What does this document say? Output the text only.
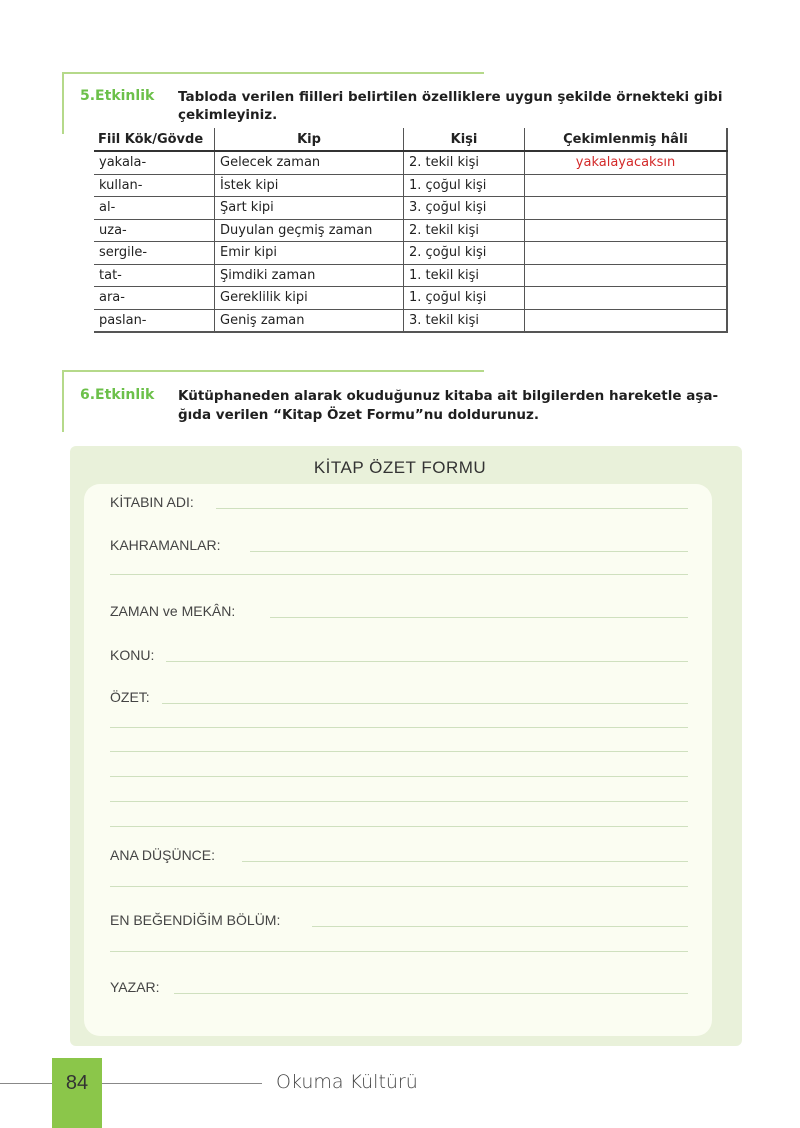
5.Etkinlik Tabloda verilen fiilleri belirtilen özelliklere uygun şekilde örnekteki gibi çekimleyiniz.
Fiil Kök/Gövde	Kip	Kişi	Çekimlenmiş hâli
yakala-	Gelecek zaman	2. tekil kişi	yakalayacaksın
kullan-	İstek kipi	1. çoğul kişi	
al-	Şart kipi	3. çoğul kişi	
uza-	Duyulan geçmiş zaman	2. tekil kişi	
sergile-	Emir kipi	2. çoğul kişi	
tat-	Şimdiki zaman	1. tekil kişi	
ara-	Gereklilik kipi	1. çoğul kişi	
paslan-	Geniş zaman	3. tekil kişi	
6.Etkinlik Kütüphaneden alarak okuduğunuz kitaba ait bilgilerden hareketle aşa-
ğıda verilen “Kitap Özet Formu”nu doldurunuz.
KİTAP ÖZET FORMU
KİTABIN ADI:
KAHRAMANLAR:
ZAMAN ve MEKÂN:
KONU:
ÖZET:
ANA DÜŞÜNCE:
EN BEĞENDİĞİM BÖLÜM:
YAZAR:
84	Okuma Kültürü
